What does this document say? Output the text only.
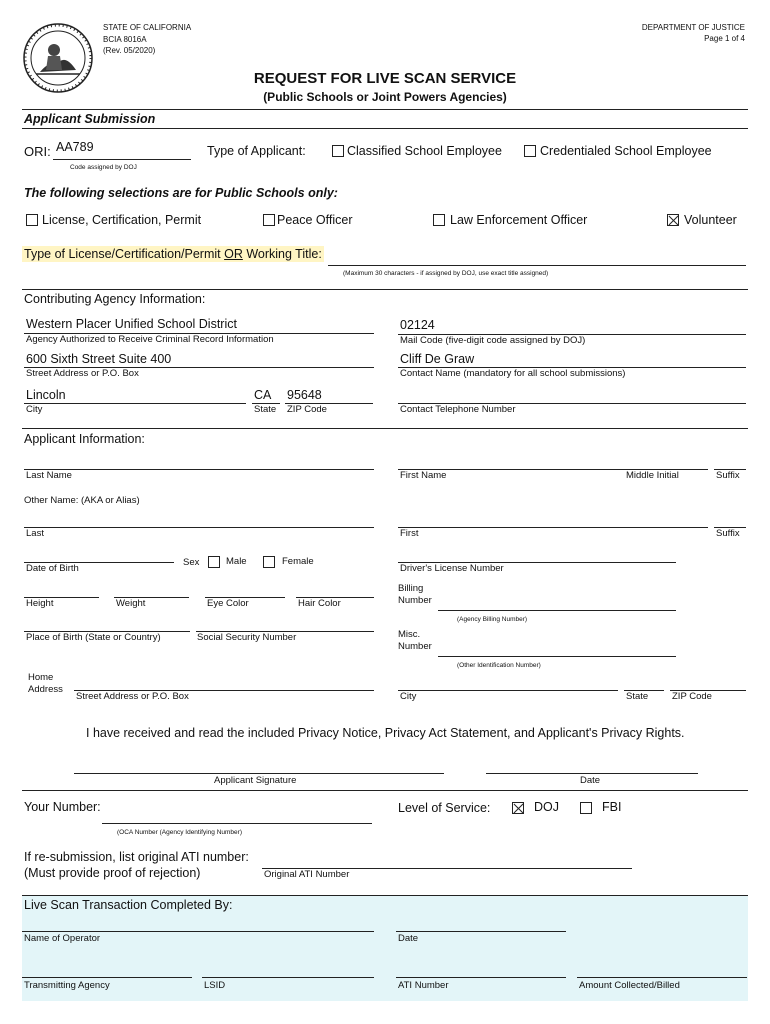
STATE OF CALIFORNIA
BCIA 8016A
(Rev. 05/2020)
DEPARTMENT OF JUSTICE
Page 1 of 4
REQUEST FOR LIVE SCAN SERVICE
(Public Schools or Joint Powers Agencies)
Applicant Submission
ORI: AA789
Code assigned by DOJ
Type of Applicant:	Classified School Employee	Credentialed School Employee
The following selections are for Public Schools only:
License, Certification, Permit	Peace Officer	Law Enforcement Officer	Volunteer
Type of License/Certification/Permit OR Working Title:
(Maximum 30 characters - if assigned by DOJ, use exact title assigned)
Contributing Agency Information:
Western Placer Unified School District
Agency Authorized to Receive Criminal Record Information
02124
Mail Code (five-digit code assigned by DOJ)
600 Sixth Street Suite 400
Street Address or P.O. Box
Cliff De Graw
Contact Name (mandatory for all school submissions)
Lincoln
City
CA
State
95648
ZIP Code	Contact Telephone Number
Applicant Information:
Last Name	First Name	Middle Initial	Suffix
Other Name: (AKA or Alias)
Last	First	Suffix
Date of Birth
Sex	Male	Female
Driver's License Number
Height	Weight	Eye Color	Hair Color
Billing
Number
(Agency Billing Number)
Place of Birth (State or Country)	Social Security Number	Misc.
Number
(Other Identification Number)
Home
Address
Street Address or P.O. Box	City	State	ZIP Code
I have received and read the included Privacy Notice, Privacy Act Statement, and Applicant's Privacy Rights.
Applicant Signature	Date
Your Number:
(OCA Number (Agency Identifying Number)
Level of Service:	DOJ	FBI
If re-submission, list original ATI number:
(Must provide proof of rejection)	Original ATI Number
Live Scan Transaction Completed By:
Name of Operator	Date
Transmitting Agency	LSID	ATI Number	Amount Collected/Billed
